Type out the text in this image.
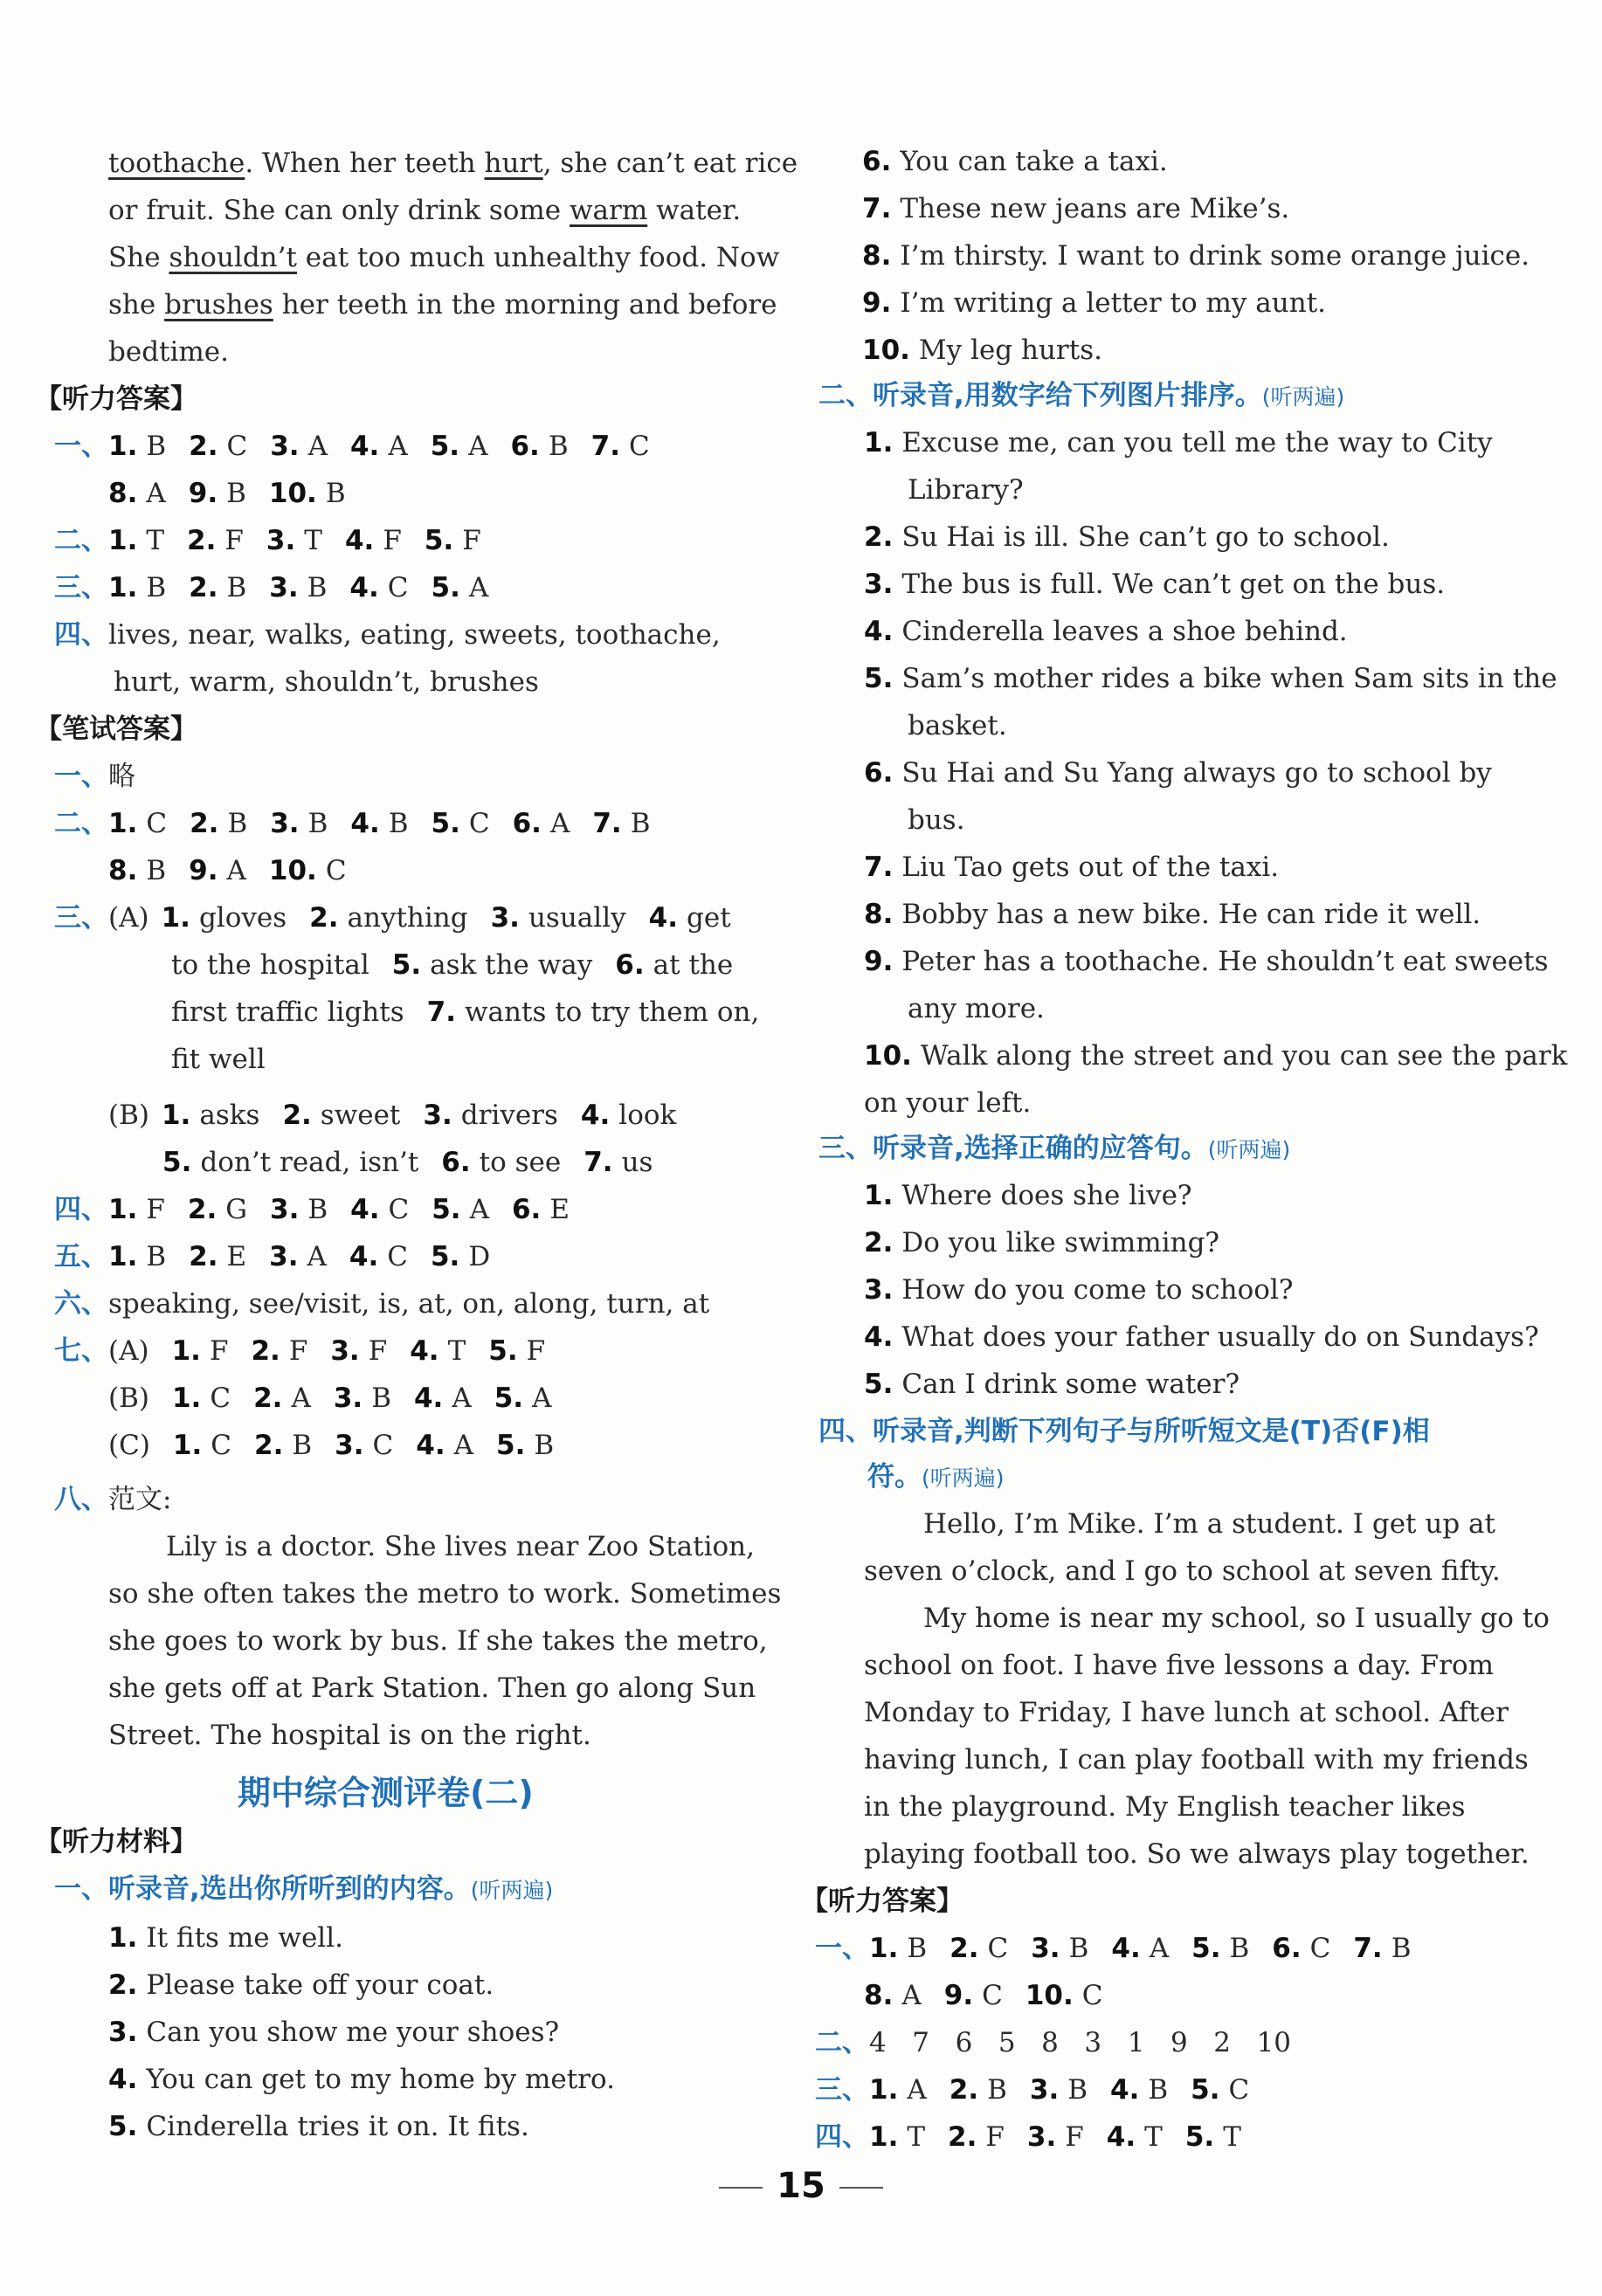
toothache. When her teeth hurt, she can’t eat rice
or fruit. She can only drink some warm water.
She shouldn’t eat too much unhealthy food. Now
she brushes her teeth in the morning and before
bedtime.
【听力答案】
一、1. B 2. C 3. A 4. A 5. A 6. B 7. C
8. A 9. B 10. B
二、1. T 2. F 3. T 4. F 5. F
三、1. B 2. B 3. B 4. C 5. A
四、lives, near, walks, eating, sweets, toothache,
hurt, warm, shouldn’t, brushes
【笔试答案】
一、略
二、1. C 2. B 3. B 4. B 5. C 6. A 7. B
8. B 9. A 10. C
三、(A) 1. gloves 2. anything 3. usually 4. get
to the hospital 5. ask the way 6. at the
first traffic lights 7. wants to try them on,
fit well
(B) 1. asks 2. sweet 3. drivers 4. look
5. don’t read, isn’t 6. to see 7. us
四、1. F 2. G 3. B 4. C 5. A 6. E
五、1. B 2. E 3. A 4. C 5. D
六、speaking, see/visit, is, at, on, along, turn, at
七、(A) 1. F 2. F 3. F 4. T 5. F
(B) 1. C 2. A 3. B 4. A 5. A
(C) 1. C 2. B 3. C 4. A 5. B
八、范文:
Lily is a doctor. She lives near Zoo Station,
so she often takes the metro to work. Sometimes
she goes to work by bus. If she takes the metro,
she gets off at Park Station. Then go along Sun
Street. The hospital is on the right.
期中综合测评卷(二)
【听力材料】
一、听录音,选出你所听到的内容。(听两遍)
1. It fits me well.
2. Please take off your coat.
3. Can you show me your shoes?
4. You can get to my home by metro.
5. Cinderella tries it on. It fits.
6. You can take a taxi.
7. These new jeans are Mike’s.
8. I’m thirsty. I want to drink some orange juice.
9. I’m writing a letter to my aunt.
10. My leg hurts.
二、听录音,用数字给下列图片排序。(听两遍)
1. Excuse me, can you tell me the way to City
Library?
2. Su Hai is ill. She can’t go to school.
3. The bus is full. We can’t get on the bus.
4. Cinderella leaves a shoe behind.
5. Sam’s mother rides a bike when Sam sits in the
basket.
6. Su Hai and Su Yang always go to school by
bus.
7. Liu Tao gets out of the taxi.
8. Bobby has a new bike. He can ride it well.
9. Peter has a toothache. He shouldn’t eat sweets
any more.
10. Walk along the street and you can see the park
on your left.
三、听录音,选择正确的应答句。(听两遍)
1. Where does she live?
2. Do you like swimming?
3. How do you come to school?
4. What does your father usually do on Sundays?
5. Can I drink some water?
四、听录音,判断下列句子与所听短文是(T)否(F)相
符。(听两遍)
Hello, I’m Mike. I’m a student. I get up at
seven o’clock, and I go to school at seven fifty.
My home is near my school, so I usually go to
school on foot. I have five lessons a day. From
Monday to Friday, I have lunch at school. After
having lunch, I can play football with my friends
in the playground. My English teacher likes
playing football too. So we always play together.
【听力答案】
一、1. B 2. C 3. B 4. A 5. B 6. C 7. B
8. A 9. C 10. C
二、4   7   6   5   8   3   1   9   2   10
三、1. A 2. B 3. B 4. B 5. C
四、1. T 2. F 3. F 4. T 5. T
15
